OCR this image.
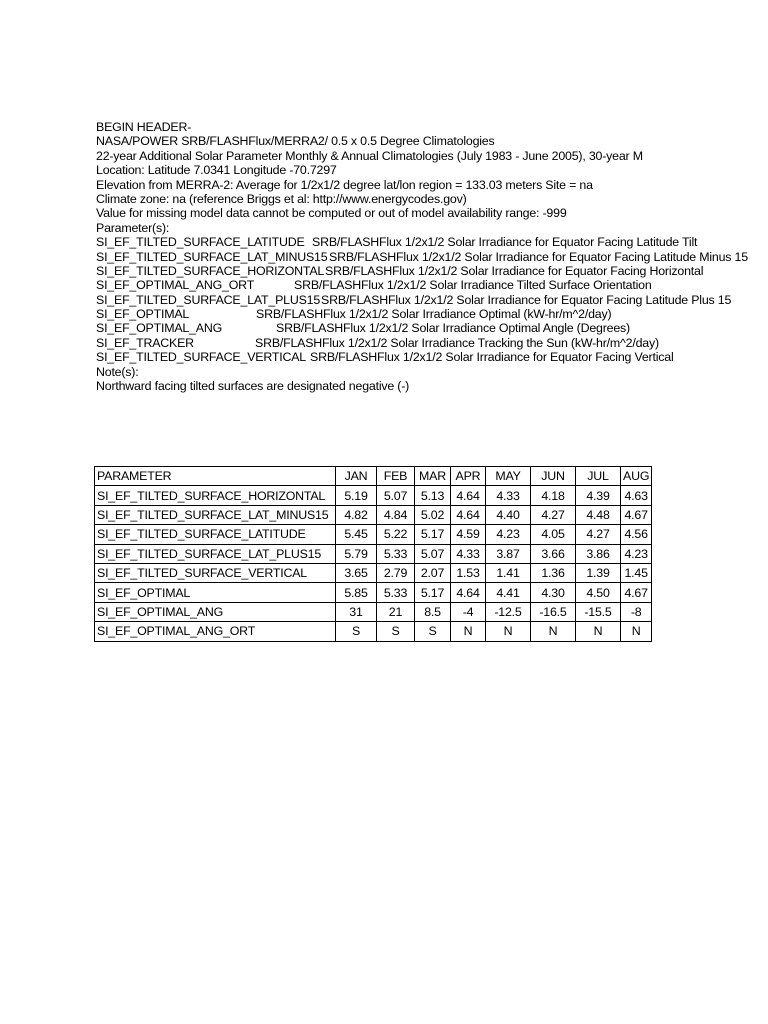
BEGIN HEADER-
NASA/POWER SRB/FLASHFlux/MERRA2/ 0.5 x 0.5 Degree Climatologies
22-year Additional Solar Parameter Monthly & Annual Climatologies (July 1983 - June 2005), 30-year M
Location: Latitude 7.0341 Longitude -70.7297
Elevation from MERRA-2: Average for 1/2x1/2 degree lat/lon region = 133.03 meters Site = na
Climate zone: na (reference Briggs et al: http://www.energycodes.gov)
Value for missing model data cannot be computed or out of model availability range: -999
Parameter(s):
SI_EF_TILTED_SURFACE_LATITUDE SRB/FLASHFlux 1/2x1/2 Solar Irradiance for Equator Facing Latitude Tilt
SI_EF_TILTED_SURFACE_LAT_MINUS15 SRB/FLASHFlux 1/2x1/2 Solar Irradiance for Equator Facing Latitude Minus 15
SI_EF_TILTED_SURFACE_HORIZONTALSRB/FLASHFlux 1/2x1/2 Solar Irradiance for Equator Facing Horizontal
SI_EF_OPTIMAL_ANG_ORT	SRB/FLASHFlux 1/2x1/2 Solar Irradiance Tilted Surface Orientation
SI_EF_TILTED_SURFACE_LAT_PLUS15SRB/FLASHFlux 1/2x1/2 Solar Irradiance for Equator Facing Latitude Plus 15
SI_EF_OPTIMAL	SRB/FLASHFlux 1/2x1/2 Solar Irradiance Optimal (kW-hr/m^2/day)
SI_EF_OPTIMAL_ANG	SRB/FLASHFlux 1/2x1/2 Solar Irradiance Optimal Angle (Degrees)
SI_EF_TRACKER	SRB/FLASHFlux 1/2x1/2 Solar Irradiance Tracking the Sun (kW-hr/m^2/day)
SI_EF_TILTED_SURFACE_VERTICAL SRB/FLASHFlux 1/2x1/2 Solar Irradiance for Equator Facing Vertical
Note(s):
Northward facing tilted surfaces are designated negative (-)
PARAMETER	JAN	FEB	MAR	APR	MAY	JUN	JUL	AUG
SI_EF_TILTED_SURFACE_HORIZONTAL	5.19	5.07	5.13	4.64	4.33	4.18	4.39	4.63
SI_EF_TILTED_SURFACE_LAT_MINUS15	4.82	4.84	5.02	4.64	4.40	4.27	4.48	4.67
SI_EF_TILTED_SURFACE_LATITUDE	5.45	5.22	5.17	4.59	4.23	4.05	4.27	4.56
SI_EF_TILTED_SURFACE_LAT_PLUS15	5.79	5.33	5.07	4.33	3.87	3.66	3.86	4.23
SI_EF_TILTED_SURFACE_VERTICAL	3.65	2.79	2.07	1.53	1.41	1.36	1.39	1.45
SI_EF_OPTIMAL	5.85	5.33	5.17	4.64	4.41	4.30	4.50	4.67
SI_EF_OPTIMAL_ANG	31	21	8.5	-4	-12.5	-16.5	-15.5	-8
SI_EF_OPTIMAL_ANG_ORT	S	S	S	N	N	N	N	N
